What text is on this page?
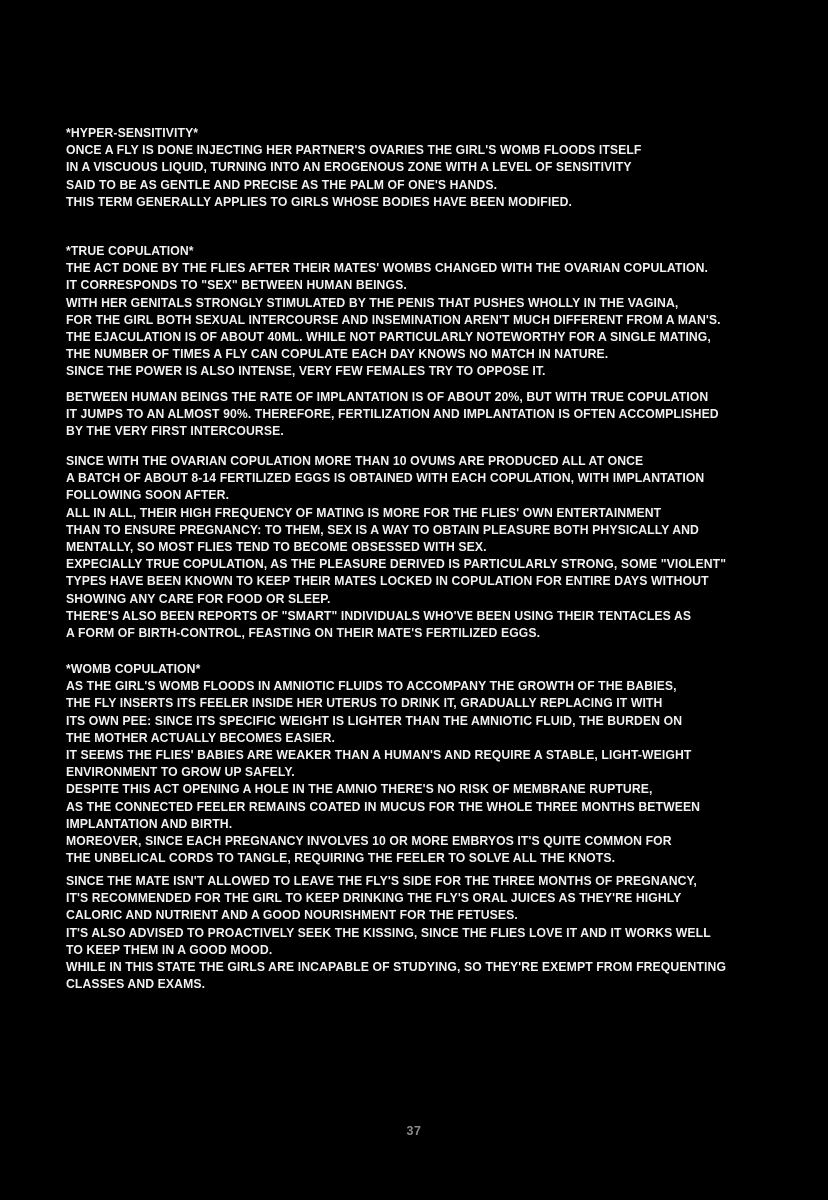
*HYPER-SENSITIVITY*
ONCE A FLY IS DONE INJECTING HER PARTNER'S OVARIES THE GIRL'S WOMB FLOODS ITSELF
IN A VISCUOUS LIQUID, TURNING INTO AN EROGENOUS ZONE WITH A LEVEL OF SENSITIVITY
SAID TO BE AS GENTLE AND PRECISE AS THE PALM OF ONE'S HANDS.
THIS TERM GENERALLY APPLIES TO GIRLS WHOSE BODIES HAVE BEEN MODIFIED.
*TRUE COPULATION*
THE ACT DONE BY THE FLIES AFTER THEIR MATES' WOMBS CHANGED WITH THE OVARIAN COPULATION.
IT CORRESPONDS TO "SEX" BETWEEN HUMAN BEINGS.
WITH HER GENITALS STRONGLY STIMULATED BY THE PENIS THAT PUSHES WHOLLY IN THE VAGINA,
FOR THE GIRL BOTH SEXUAL INTERCOURSE AND INSEMINATION AREN'T MUCH DIFFERENT FROM A MAN'S.
THE EJACULATION IS OF ABOUT 40ML. WHILE NOT PARTICULARLY NOTEWORTHY FOR A SINGLE MATING,
THE NUMBER OF TIMES A FLY CAN COPULATE EACH DAY KNOWS NO MATCH IN NATURE.
SINCE THE POWER IS ALSO INTENSE, VERY FEW FEMALES TRY TO OPPOSE IT.
BETWEEN HUMAN BEINGS THE RATE OF IMPLANTATION IS OF ABOUT 20%, BUT WITH TRUE COPULATION
IT JUMPS TO AN ALMOST 90%. THEREFORE, FERTILIZATION AND IMPLANTATION IS OFTEN ACCOMPLISHED
BY THE VERY FIRST INTERCOURSE.
SINCE WITH THE OVARIAN COPULATION MORE THAN 10 OVUMS ARE PRODUCED ALL AT ONCE
A BATCH OF ABOUT 8-14 FERTILIZED EGGS IS OBTAINED WITH EACH COPULATION, WITH IMPLANTATION
FOLLOWING SOON AFTER.
ALL IN ALL, THEIR HIGH FREQUENCY OF MATING IS MORE FOR THE FLIES' OWN ENTERTAINMENT
THAN TO ENSURE PREGNANCY: TO THEM, SEX IS A WAY TO OBTAIN PLEASURE BOTH PHYSICALLY AND
MENTALLY, SO MOST FLIES TEND TO BECOME OBSESSED WITH SEX.
EXPECIALLY TRUE COPULATION, AS THE PLEASURE DERIVED IS PARTICULARLY STRONG, SOME "VIOLENT"
TYPES HAVE BEEN KNOWN TO KEEP THEIR MATES LOCKED IN COPULATION FOR ENTIRE DAYS WITHOUT
SHOWING ANY CARE FOR FOOD OR SLEEP.
THERE'S ALSO BEEN REPORTS OF "SMART" INDIVIDUALS WHO'VE BEEN USING THEIR TENTACLES AS
A FORM OF BIRTH-CONTROL, FEASTING ON THEIR MATE'S FERTILIZED EGGS.
*WOMB COPULATION*
AS THE GIRL'S WOMB FLOODS IN AMNIOTIC FLUIDS TO ACCOMPANY THE GROWTH OF THE BABIES,
THE FLY INSERTS ITS FEELER INSIDE HER UTERUS TO DRINK IT, GRADUALLY REPLACING IT WITH
ITS OWN PEE: SINCE ITS SPECIFIC WEIGHT IS LIGHTER THAN THE AMNIOTIC FLUID, THE BURDEN ON
THE MOTHER ACTUALLY BECOMES EASIER.
IT SEEMS THE FLIES' BABIES ARE WEAKER THAN A HUMAN'S AND REQUIRE A STABLE, LIGHT-WEIGHT
ENVIRONMENT TO GROW UP SAFELY.
DESPITE THIS ACT OPENING A HOLE IN THE AMNIO THERE'S NO RISK OF MEMBRANE RUPTURE,
AS THE CONNECTED FEELER REMAINS COATED IN MUCUS FOR THE WHOLE THREE MONTHS BETWEEN
IMPLANTATION AND BIRTH.
MOREOVER, SINCE EACH PREGNANCY INVOLVES 10 OR MORE EMBRYOS IT'S QUITE COMMON FOR
THE UNBELICAL CORDS TO TANGLE, REQUIRING THE FEELER TO SOLVE ALL THE KNOTS.
SINCE THE MATE ISN'T ALLOWED TO LEAVE THE FLY'S SIDE FOR THE THREE MONTHS OF PREGNANCY,
IT'S RECOMMENDED FOR THE GIRL TO KEEP DRINKING THE FLY'S ORAL JUICES AS THEY'RE HIGHLY
CALORIC AND NUTRIENT AND A GOOD NOURISHMENT FOR THE FETUSES.
IT'S ALSO ADVISED TO PROACTIVELY SEEK THE KISSING, SINCE THE FLIES LOVE IT AND IT WORKS WELL
TO KEEP THEM IN A GOOD MOOD.
WHILE IN THIS STATE THE GIRLS ARE INCAPABLE OF STUDYING, SO THEY'RE EXEMPT FROM FREQUENTING
CLASSES AND EXAMS.
37
